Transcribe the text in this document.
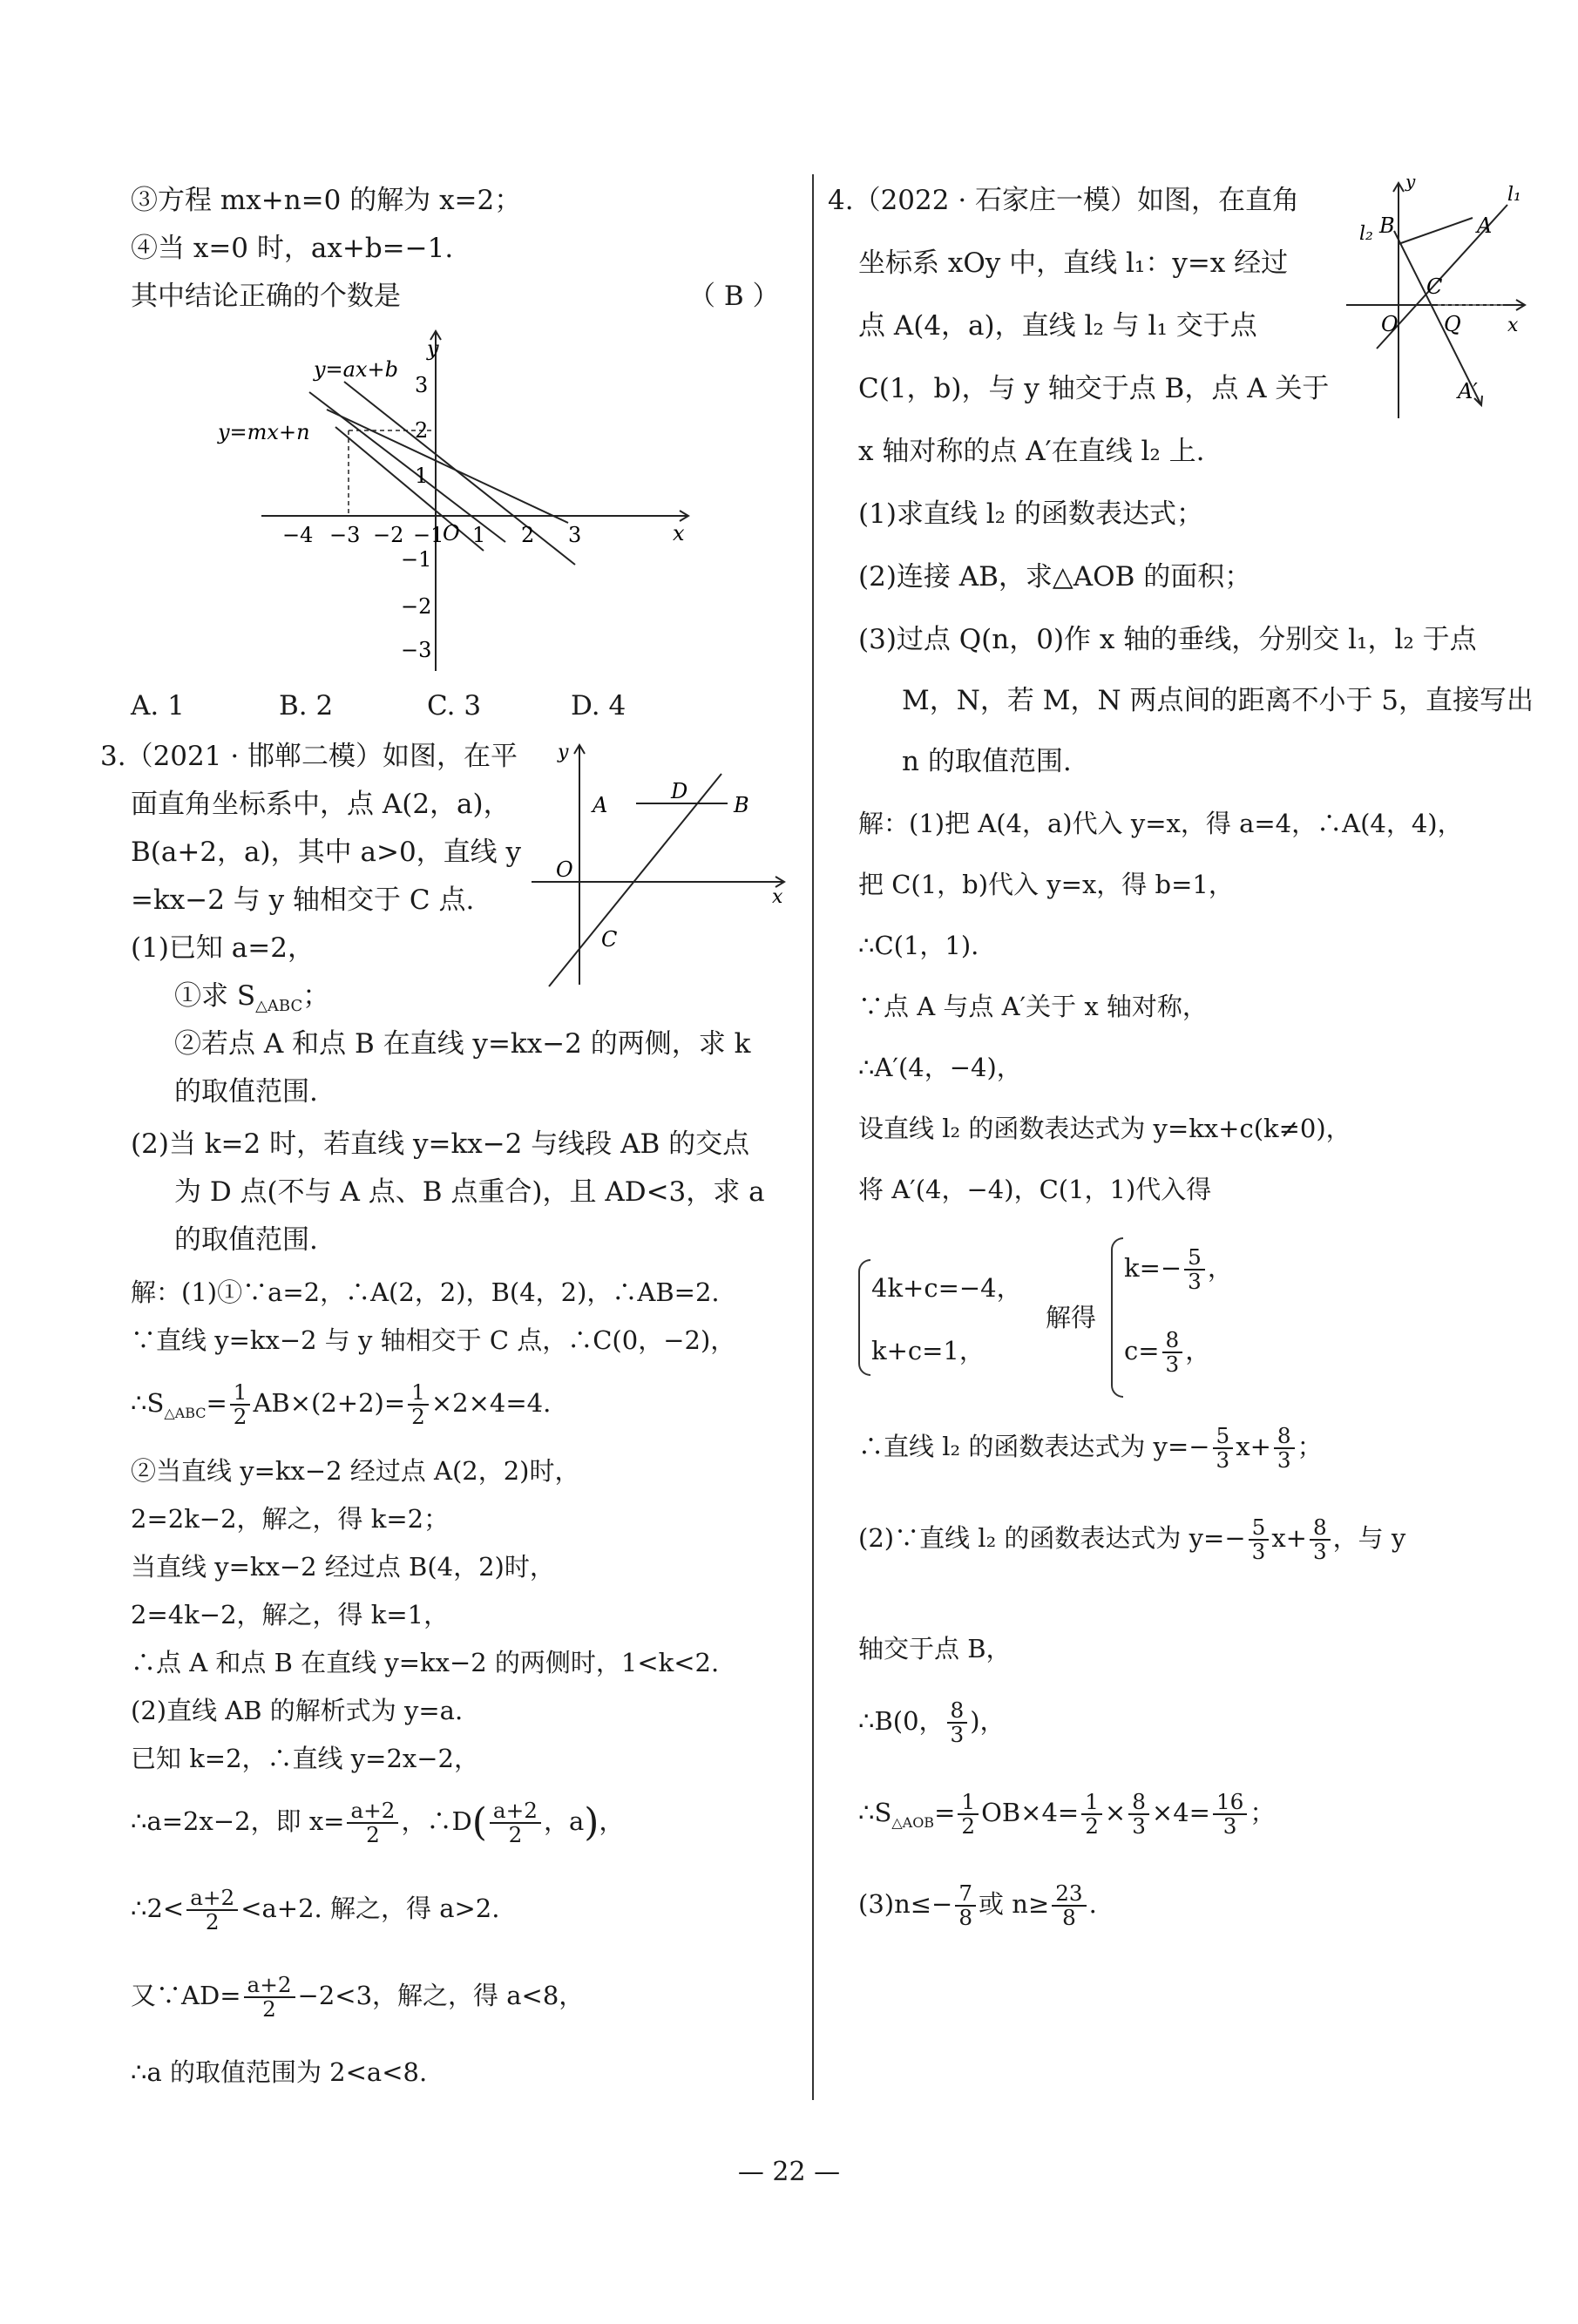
③方程 mx+n=0 的解为 x=2；
④当 x=0 时，ax+b=−1.
其中结论正确的个数是	（ B ）
y=ax+b
y=mx+n
y
x
O
−4 −3 −2 −1 1 2 3
3
2
1
−1
−2
−3
A. 1	B. 2	C. 3	D. 4
3.（2021 · 邯郸二模）如图，在平
面直角坐标系中，点 A(2，a)，
B(a+2，a)，其中 a>0，直线 y
=kx−2 与 y 轴相交于 C 点.
(1)已知 a=2，
①求 $S_{\triangle ABC}$；
②若点 A 和点 B 在直线 y=kx−2 的两侧，求 k
的取值范围.
(2)当 k=2 时，若直线 y=kx−2 与线段 AB 的交点
为 D 点(不与 A 点、B 点重合)，且 AD<3，求 a
的取值范围.
A
D
B
O
C
x
y
解：(1)①∵a=2，∴A(2，2)，B(4，2)，∴AB=2.
∵直线 y=kx−2 与 y 轴相交于 C 点，∴C(0，−2)，
$\therefore S_{\triangle ABC}= \frac{1}{2} AB\times(2+2)= \frac{1}{2} \times 2\times 4=4$.
②当直线 y=kx−2 经过点 A(2，2)时，
2=2k−2，解之，得 k=2；
当直线 y=kx−2 经过点 B(4，2)时，
2=4k−2，解之，得 k=1，
∴点 A 和点 B 在直线 y=kx−2 的两侧时，1<k<2.
(2)直线 AB 的解析式为 y=a.
已知 k=2，∴直线 y=2x−2，
∴a=2x−2，即 $x= \frac{a+2}{2}$ ，∴D( $\frac{a+2}{2}$ ，a)，
∴2< $\frac{a+2}{2} <a+2$. 解之，得 a>2.
又∵AD= $\frac{a+2}{2} -2<3$，解之，得 a<8，
∴a 的取值范围为 2<a<8.
4.（2022 · 石家庄一模）如图，在直角
坐标系 xOy 中，直线 l₁：y=x 经过
点 A(4，a)，直线 l₂ 与 l₁ 交于点
C(1，b)，与 y 轴交于点 B，点 A 关于
x 轴对称的点 A′在直线 l₂ 上.
(1)求直线 l₂ 的函数表达式；
(2)连接 AB，求△AOB 的面积；
(3)过点 Q(n，0)作 x 轴的垂线，分别交 l₁，l₂ 于点
M，N，若 M，N 两点间的距离不小于 5，直接写出
n 的取值范围.
y
l₁
l₂ B	A
C
O Q x
A′
解：(1)把 A(4，a)代入 y=x，得 a=4，∴A(4，4)，
把 C(1，b)代入 y=x，得 b=1，
∴C(1，1).
∵点 A 与点 A′关于 x 轴对称，
∴A′(4，−4)，
设直线 l₂ 的函数表达式为 y=kx+c(k≠0)，
将 A′(4，−4)，C(1，1)代入得
4k+c=−4，
k+c=1，
解得
$k=- \frac{5}{3}$ ，
$c= \frac{8}{3}$ ，
∴直线 l₂ 的函数表达式为 $y=- \frac{5}{3} x+ \frac{8}{3}$ ；
(2)∵直线 l₂ 的函数表达式为 $y=- \frac{5}{3} x+ \frac{8}{3}$ ，与 y
轴交于点 B，
∴B(0， $\frac{8}{3}$ )，
$\therefore S_{\triangle AOB}= \frac{1}{2} OB\times 4= \frac{1}{2} \times \frac{8}{3} \times 4= \frac{16}{3}$ ；
$(3)n\le- \frac{7}{8}$ 或 $n\ge \frac{23}{8}$ .
— 22 —
